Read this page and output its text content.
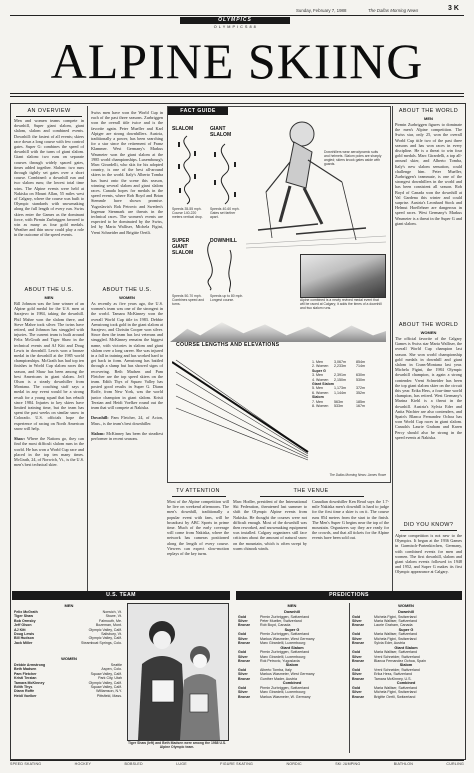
Sunday, February 7, 1988	The Dallas Morning News	3 K
OLYMPICS
O L Y M P I C S 8 8
ALPINE SKIING
AN OVERVIEW
Men and women teams compete in downhill, Super giant slalom, giant slalom, slalom and combined events. Downhill: the fastest of all events; skiers race down a long course with few control gates. Super G: combines the speed of downhill with the turns of giant slalom. Giant slalom: two runs on separate courses through widely spaced gates, times added together. Slalom: two runs through tightly set gates over a short course. Combined: a downhill run and two slalom runs; the lowest total time wins. The Alpine events were held at Nakiska on Mount Allan, 55 miles west of Calgary, where the course was built to Olympic standards with snowmaking along the full length of every run. Swiss skiers enter the Games as the dominant force, with Pirmin Zurbriggen favored to win as many as four gold medals. Weather and thin snow could play a role in the outcome of the speed events.
ABOUT THE U.S.
MEN
Bill Johnson was the lone winner of an Alpine gold medal for the U.S. men at Sarajevo in 1984, taking the downhill. Phil Mahre won the slalom there, and Steve Mahre took silver. The twins have retired, and Johnson has struggled with injuries. The current team is built around Felix McGrath and Tiger Shaw in the technical events and AJ Kitt and Doug Lewis in downhill. Lewis won a bronze medal in the downhill at the 1985 world championships. McGrath has had top ten finishes in World Cup slalom races this season, and Shaw has been among the best Americans in giant slalom. Jeff Olson is a steady downhiller from Montana. The coaching staff says a medal in any event would be a strong result for a young squad that has rebuilt since 1984. Injuries to key skiers have limited training time, but the team has spent the past weeks on similar snow in Colorado. U.S. officials hope the experience of racing on North American snow will help.

Shaw: Where the Nations go, they can find the most difficult slalom runs in the world. He has won a World Cup race and placed in the top ten many times. McGrath, 24, of Norwich, Vt., is the U.S. men's best technical skier.
Swiss men have won the World Cup in each of the past three seasons. Zurbriggen won the overall title twice and is the favorite again. Peter Mueller and Karl Alpiger are strong downhillers. Austria, traditionally a power, has been searching for a star since the retirement of Franz Klammer. West Germany's Markus Wasmeier won the giant slalom at the 1985 world championships. Luxembourg's Marc Girardelli, who skis for his adopted country, is one of the best all-around skiers in the world. Italy's Alberto Tomba has burst onto the scene this season, winning several slalom and giant slalom races. Canada hopes for medals in the speed events, where Rob Boyd and Brian Stemmle have shown promise. Yugoslavia's Rok Petrovic and Sweden's Ingemar Stenmark are threats in the technical races. The women's events are expected to be dominated by the Swiss, led by Maria Walliser, Michela Figini, Vreni Schneider and Brigitte Oertli.
ABOUT THE U.S.
WOMEN
As recently as five years ago, the U.S. women's team was one of the strongest in the world. Tamara McKinney won the overall World Cup title in 1983. Debbie Armstrong took gold in the giant slalom at Sarajevo, and Christin Cooper won silver. Since then the team has lost veterans and struggled. McKinney remains the biggest name, with victories in slalom and giant slalom over a long career. She was injured in a fall in training and has worked hard to get back in form. Armstrong has battled through a slump but has showed signs of recovering. Beth Madsen and Pam Fletcher are the top speed skiers on the team. Edith Thys of Squaw Valley has posted good results in Super G. Diann Roffe, from New York, was the world junior champion in giant slalom. Kristi Terzian and Heidi Voelker round out the team that will compete at Nakiska.

Downhill: Pam Fletcher, 24, of Acton, Mass., is the team's best downhiller.

Slalom: McKinney has been the steadiest performer in recent seasons.
FACT GUIDE
SLALOM
Speeds 35-55 mph. Course 140-220 meters vertical drop.
GIANT SLALOM
Speeds 40-60 mph. Gates set farther apart.
SUPER GIANT SLALOM
Speeds 50-70 mph. Combines speed and turns.
DOWNHILL
Speeds up to 80 mph. Longest course.
Downhillers wear aerodynamic suits and helmets. Slalom poles are sharply angled; skiers knock gates aside with guards.
Alpine combined is a newly revived medal event that will be raced at Calgary; it adds the times of a downhill and two slalom runs.
COURSE LENGTHS AND ELEVATIONS
1. Men	3,067m	854m
2. Women	2,233m	714m
Super G
3. Men	2,391m	630m
4. Women	2,150m	530m
Giant Slalom
5. Men	1,173m	372m
6. Women	1,144m	352m
Slalom
7. Men	563m	185m
8. Women	533m	167m
The Dallas Morning News: James Rowe
TV ATTENTION
Most of the Alpine competition will be live on weekend afternoons. The men's downhill, traditionally a popular event with fans, will be broadcast by ABC Sports in prime time. Much of the early coverage will come from Nakiska, where the network has cameras positioned along the length of every course. Viewers can expect slow-motion replays of the key turns.
THE VENUE
Marc Hodler, president of the International Ski Federation, threatened last summer to shift the Olympic Alpine events from Nakiska. He thought the courses were not difficult enough. Most of the downhill was then reworked, and snowmaking equipment was installed. Calgary organizers still face criticism about the amount of natural snow on the mountain, which is often swept by warm chinook winds.
Canadian downhiller Ken Read says the 1.7-mile Nakiska men's downhill is hard to judge for the first time a skier is on it. The course runs 854 meters from the start to the finish. The Men's Super G begins near the top of the mountain. Organizers say they are ready for the crowds, and that all tickets for the Alpine events have been sold out.
ABOUT THE WORLD
MEN
Pirmin Zurbriggen figures to dominate the men's Alpine competition. The Swiss star, only 25, won the overall World Cup title two of the past three seasons and has won races in every discipline. He is a threat to win four gold medals. Marc Girardelli, a top all-around skier, and Alberto Tomba, Italy's new slalom sensation, could challenge him. Peter Mueller, Zurbriggen's teammate, is one of the strongest downhillers in the world and has been consistent all season. Rob Boyd of Canada won the downhill at Val Gardena this winter and could surprise. Austria's Leonhard Stock and Helmut Hoeflehner are dangerous in speed races. West Germany's Markus Wasmeier is a threat in the Super G and giant slalom.
ABOUT THE WORLD
WOMEN
The official favorite of the Calgary Games is Swiss star Maria Walliser, the overall World Cup champion last season. She won world championship gold medals in downhill and giant slalom in Crans-Montana last year. Michela Figini, the 1984 Olympic downhill champion, is again a strong contender. Vreni Schneider has been the top giant slalom skier on the circuit this year. Erika Hess, a four-time world champion, has retired. West Germany's Marina Kiehl is a threat in the downhill. Austria's Sylvia Eder and Anita Wachter are also contenders, and Spain's Blanca Fernandez Ochoa has won World Cup races in giant slalom. Canada's Laurie Graham and Karen Percy should also be strong in the speed events at Nakiska.
DID YOU KNOW?
Alpine competition is not new to the Olympics. It began at the 1936 Games in Garmisch-Partenkirchen, Germany, with combined events for men and women. The first downhill, slalom and giant slalom events followed in 1948 and 1952, and Super G makes its first Olympic appearance at Calgary.
U.S. TEAM
MEN
Felix McGrath	Norwich, Vt.
Tiger Shaw	Stowe, Vt.
Bob Ormsby	Falmouth, Me.
Jeff Olson	Bozeman, Mont.
AJ Kitt	Olympic Valley, Calif.
Doug Lewis	Salisbury, Vt.
Bill Hudson	Olympic Valley, Calif.
Jack Miller	Steamboat Springs, Colo.
WOMEN
Debbie Armstrong	Seattle
Beth Madsen	Aspen, Colo.
Pam Fletcher	Squaw Valley, Calif.
Kristi Terzian	Park City, Utah
Tamara McKinney	Olympic Valley, Calif.
Edith Thys	Squaw Valley, Calif.
Diann Roffe	Williamson, N.Y.
Heidi Voelker	Pittsfield, Mass.
Tiger Shaw (left) and Beth Madsen were among the 1988 U.S. Alpine Olympic team.
PREDICTIONS
MEN	WOMEN
Downhill
Gold	Pirmin Zurbriggen, Switzerland
Silver	Peter Mueller, Switzerland
Bronze	Rob Boyd, Canada
Super G
Gold	Pirmin Zurbriggen, Switzerland
Silver	Markus Wasmeier, West Germany
Bronze	Marc Girardelli, Luxembourg
Giant Slalom
Gold	Pirmin Zurbriggen, Switzerland
Silver	Marc Girardelli, Luxembourg
Bronze	Rok Petrovic, Yugoslavia
Slalom
Gold	Alberto Tomba, Italy
Silver	Markus Wasmeier, West Germany
Bronze	Gunther Mader, Austria
Combined
Gold	Pirmin Zurbriggen, Switzerland
Silver	Marc Girardelli, Luxembourg
Bronze	Markus Wasmeier, W. Germany
Downhill
Gold	Michela Figini, Switzerland
Silver	Maria Walliser, Switzerland
Bronze	Laurie Graham, Canada
Super G
Gold	Maria Walliser, Switzerland
Silver	Michela Figini, Switzerland
Bronze	Sylvia Eder, Austria
Giant Slalom
Gold	Maria Walliser, Switzerland
Silver	Vreni Schneider, Switzerland
Bronze	Blanca Fernandez Ochoa, Spain
Slalom
Gold	Vreni Schneider, Switzerland
Silver	Erika Hess, Switzerland
Bronze	Tamara McKinney, U.S.
Combined
Gold	Maria Walliser, Switzerland
Silver	Michela Figini, Switzerland
Bronze	Brigitte Oertli, Switzerland
SPEED SKATING	HOCKEY	BOBSLED	LUGE	FIGURE SKATING	NORDIC	SKI JUMPING	BIATHLON	CURLING
